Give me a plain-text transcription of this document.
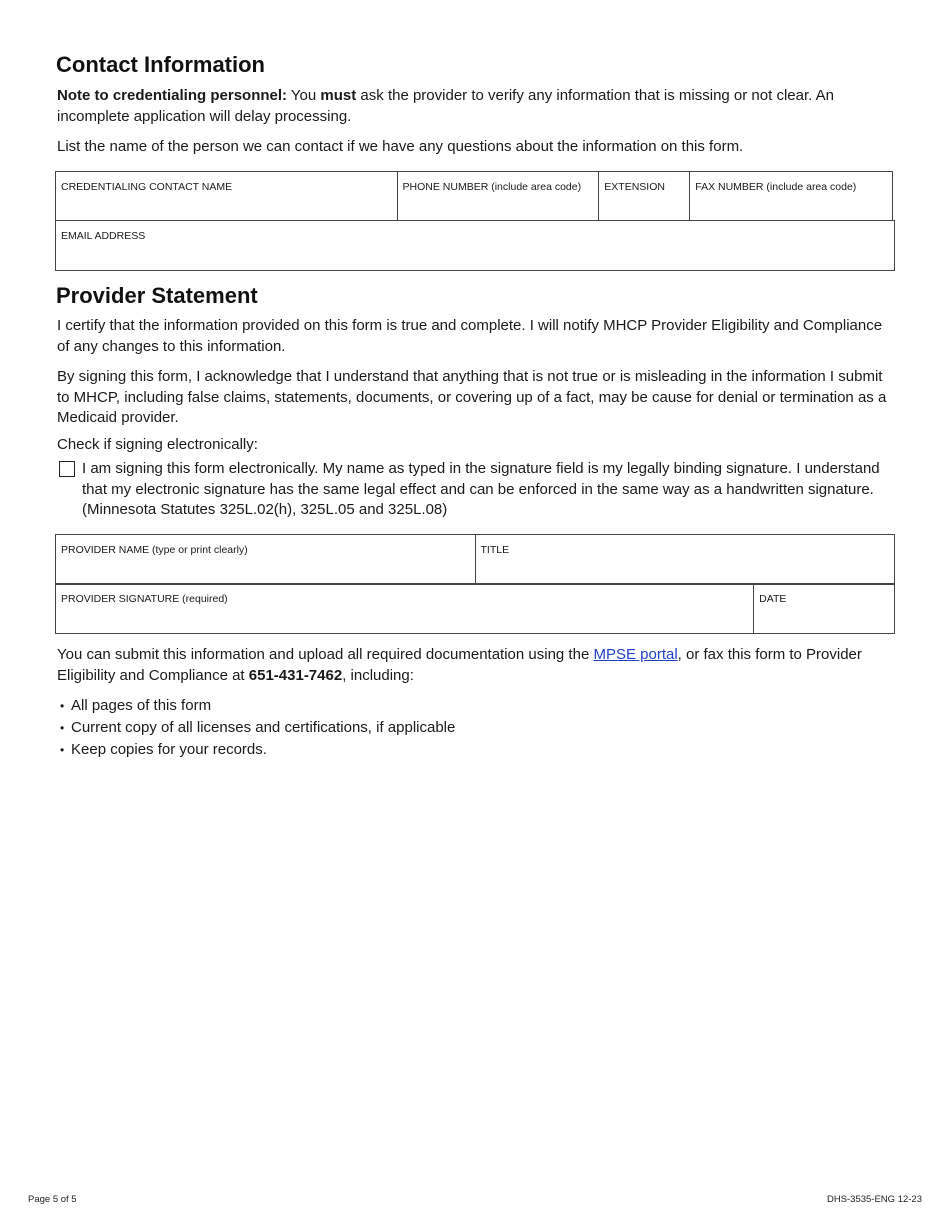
Contact Information

Note to credentialing personnel: You must ask the provider to verify any information that is missing or not clear. An incomplete application will delay processing.

List the name of the person we can contact if we have any questions about the information on this form.

CREDENTIALING CONTACT NAME	PHONE NUMBER (include area code)	EXTENSION	FAX NUMBER (include area code)
EMAIL ADDRESS
Provider Statement

I certify that the information provided on this form is true and complete. I will notify MHCP Provider Eligibility and Compliance of any changes to this information.

By signing this form, I acknowledge that I understand that anything that is not true or is misleading in the information I submit to MHCP, including false claims, statements, documents, or covering up of a fact, may be cause for denial or termination as a Medicaid provider.

Check if signing electronically:

I am signing this form electronically. My name as typed in the signature field is my legally binding signature. I understand that my electronic signature has the same legal effect and can be enforced in the same way as a handwritten signature. (Minnesota Statutes 325L.02(h), 325L.05 and 325L.08)
PROVIDER NAME (type or print clearly)	TITLE
PROVIDER SIGNATURE (required)	DATE

You can submit this information and upload all required documentation using the MPSE portal, or fax this form to Provider Eligibility and Compliance at 651-431-7462, including:

• All pages of this form
• Current copy of all licenses and certifications, if applicable
• Keep copies for your records.
Page 5 of 5	DHS-3535-ENG 12-23
